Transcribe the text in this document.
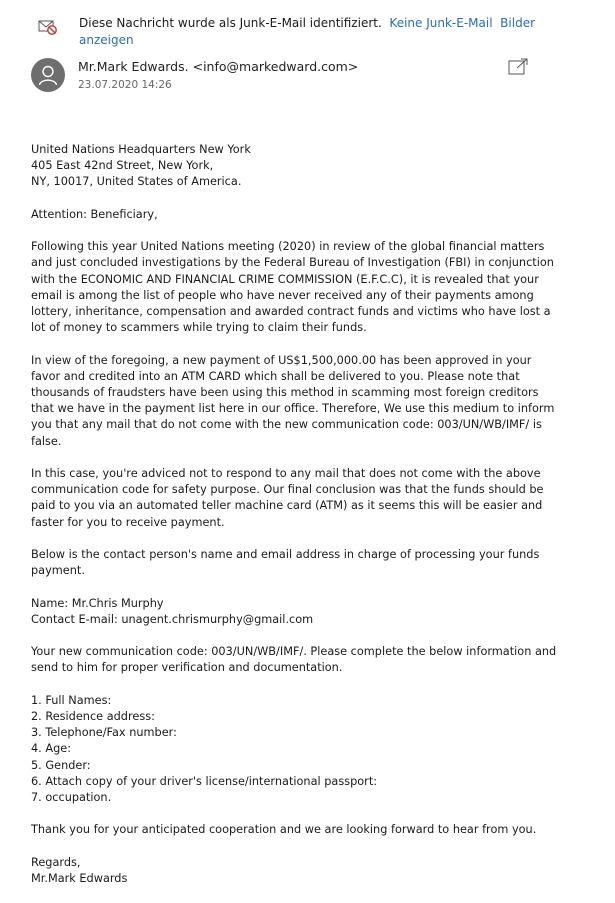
Diese Nachricht wurde als Junk-E-Mail identifiziert. Keine Junk-E-Mail Bilder anzeigen
Mr.Mark Edwards. <info@markedward.com>
23.07.2020 14:26

United Nations Headquarters New York
405 East 42nd Street, New York,
NY, 10017, United States of America.

Attention: Beneficiary,

Following this year United Nations meeting (2020) in review of the global financial matters and just concluded investigations by the Federal Bureau of Investigation (FBI) in conjunction with the ECONOMIC AND FINANCIAL CRIME COMMISSION (E.F.C.C), it is revealed that your email is among the list of people who have never received any of their payments among lottery, inheritance, compensation and awarded contract funds and victims who have lost a lot of money to scammers while trying to claim their funds.

In view of the foregoing, a new payment of US$1,500,000.00 has been approved in your favor and credited into an ATM CARD which shall be delivered to you. Please note that thousands of fraudsters have been using this method in scamming most foreign creditors that we have in the payment list here in our office. Therefore, We use this medium to inform you that any mail that do not come with the new communication code: 003/UN/WB/IMF/ is false.

In this case, you're adviced not to respond to any mail that does not come with the above communication code for safety purpose. Our final conclusion was that the funds should be paid to you via an automated teller machine card (ATM) as it seems this will be easier and faster for you to receive payment.

Below is the contact person's name and email address in charge of processing your funds payment.

Name: Mr.Chris Murphy
Contact E-mail: unagent.chrismurphy@gmail.com

Your new communication code: 003/UN/WB/IMF/. Please complete the below information and send to him for proper verification and documentation.

1. Full Names:
2. Residence address:
3. Telephone/Fax number:
4. Age:
5. Gender:
6. Attach copy of your driver's license/international passport:
7. occupation.

Thank you for your anticipated cooperation and we are looking forward to hear from you.

Regards,
Mr.Mark Edwards
